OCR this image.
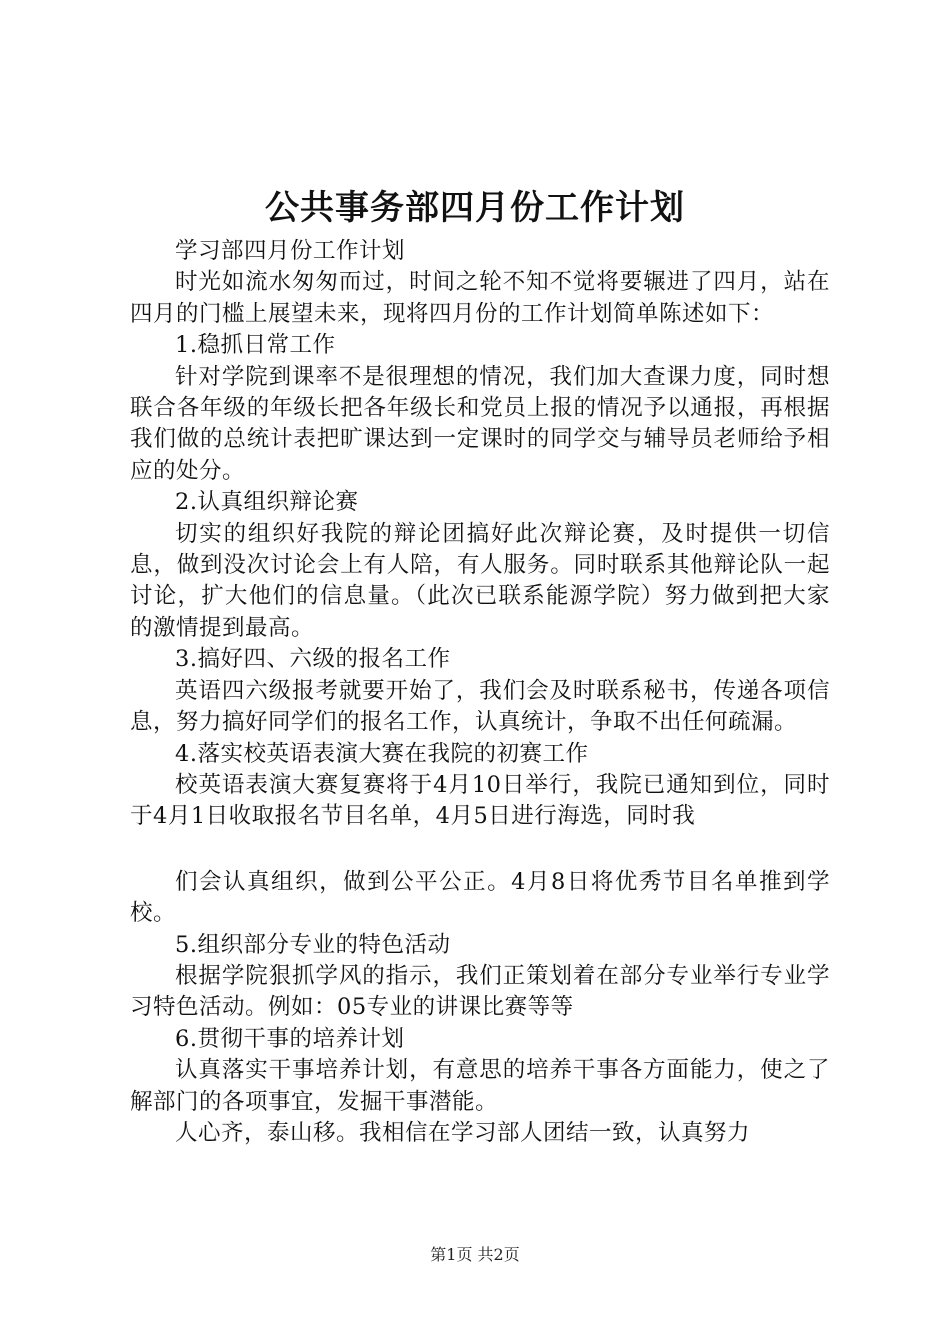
公共事务部四月份工作计划

学习部四月份工作计划

时光如流水匆匆而过，时间之轮不知不觉将要辗进了四月，站在四月的门槛上展望未来，现将四月份的工作计划简单陈述如下：

1.稳抓日常工作

针对学院到课率不是很理想的情况，我们加大查课力度，同时想联合各年级的年级长把各年级长和党员上报的情况予以通报，再根据我们做的总统计表把旷课达到一定课时的同学交与辅导员老师给予相应的处分。

2.认真组织辩论赛

切实的组织好我院的辩论团搞好此次辩论赛，及时提供一切信息，做到没次讨论会上有人陪，有人服务。同时联系其他辩论队一起讨论，扩大他们的信息量。（此次已联系能源学院）努力做到把大家的激情提到最高。

3.搞好四、六级的报名工作

英语四六级报考就要开始了，我们会及时联系秘书，传递各项信息，努力搞好同学们的报名工作，认真统计，争取不出任何疏漏。

4.落实校英语表演大赛在我院的初赛工作

校英语表演大赛复赛将于4月10日举行，我院已通知到位，同时于4月1日收取报名节目名单，4月5日进行海选，同时我

们会认真组织，做到公平公正。4月8日将优秀节目名单推到学校。

5.组织部分专业的特色活动

根据学院狠抓学风的指示，我们正策划着在部分专业举行专业学习特色活动。例如：05专业的讲课比赛等等

6.贯彻干事的培养计划

认真落实干事培养计划，有意思的培养干事各方面能力，使之了解部门的各项事宜，发掘干事潜能。

人心齐，泰山移。我相信在学习部人团结一致，认真努力

第1页 共2页
